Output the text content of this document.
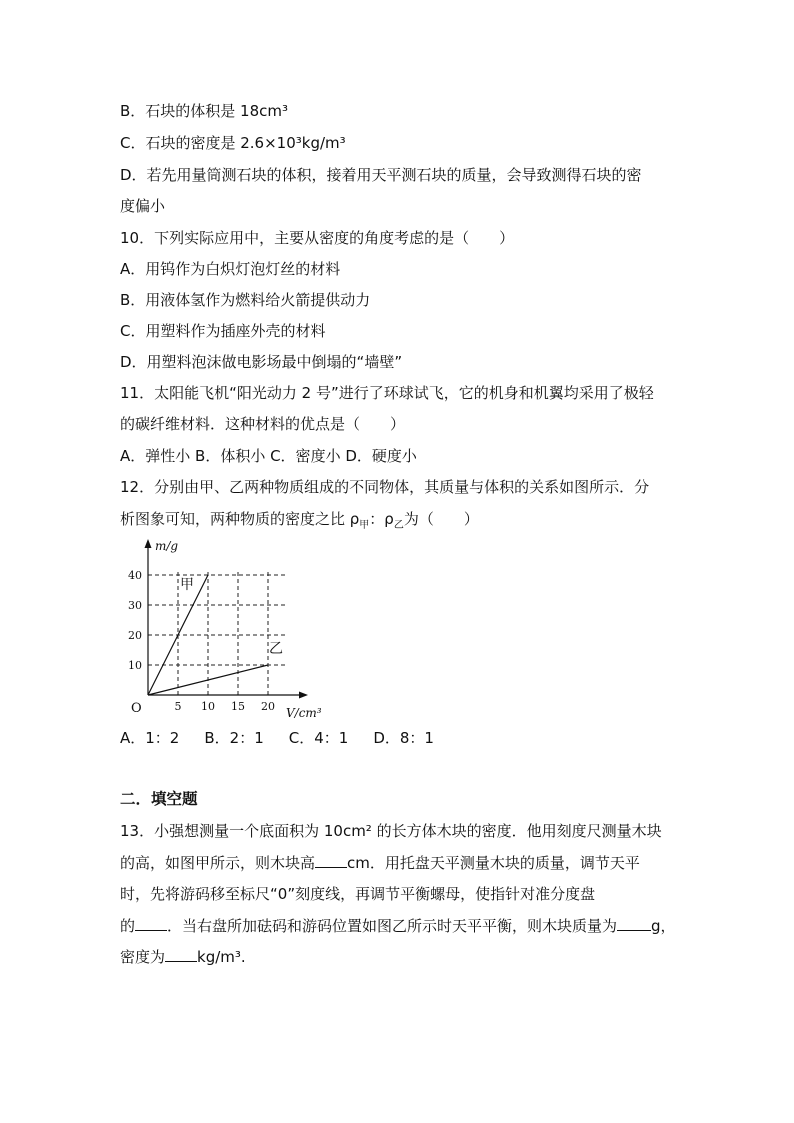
B．石块的体积是 18cm³
C．石块的密度是 2.6×10³kg/m³
D．若先用量筒测石块的体积，接着用天平测石块的质量，会导致测得石块的密
度偏小
10．下列实际应用中，主要从密度的角度考虑的是（　　）
A．用钨作为白炽灯泡灯丝的材料
B．用液体氢作为燃料给火箭提供动力
C．用塑料作为插座外壳的材料
D．用塑料泡沫做电影场最中倒塌的“墙壁”
11．太阳能飞机“阳光动力 2 号”进行了环球试飞，它的机身和机翼均采用了极轻
的碳纤维材料．这种材料的优点是（　　）
A．弹性小 B．体积小 C．密度小 D．硬度小
12．分别由甲、乙两种物质组成的不同物体，其质量与体积的关系如图所示．分
析图象可知，两种物质的密度之比 $\rho_甲$：$\rho_乙$为（　　）
m/g
V/cm³
O	5 10 15 20
10
20
30
40
甲
乙
A．1：2 B．2：1 C．4：1 D．8：1
二．填空题
13．小强想测量一个底面积为 10cm² 的长方体木块的密度．他用刻度尺测量木块
的高，如图甲所示，则木块高 cm．用托盘天平测量木块的质量，调节天平
时，先将游码移至标尺“0”刻度线，再调节平衡螺母，使指针对准分度盘
的 ．当右盘所加砝码和游码位置如图乙所示时天平平衡，则木块质量为 g，
密度为 kg/m³.
